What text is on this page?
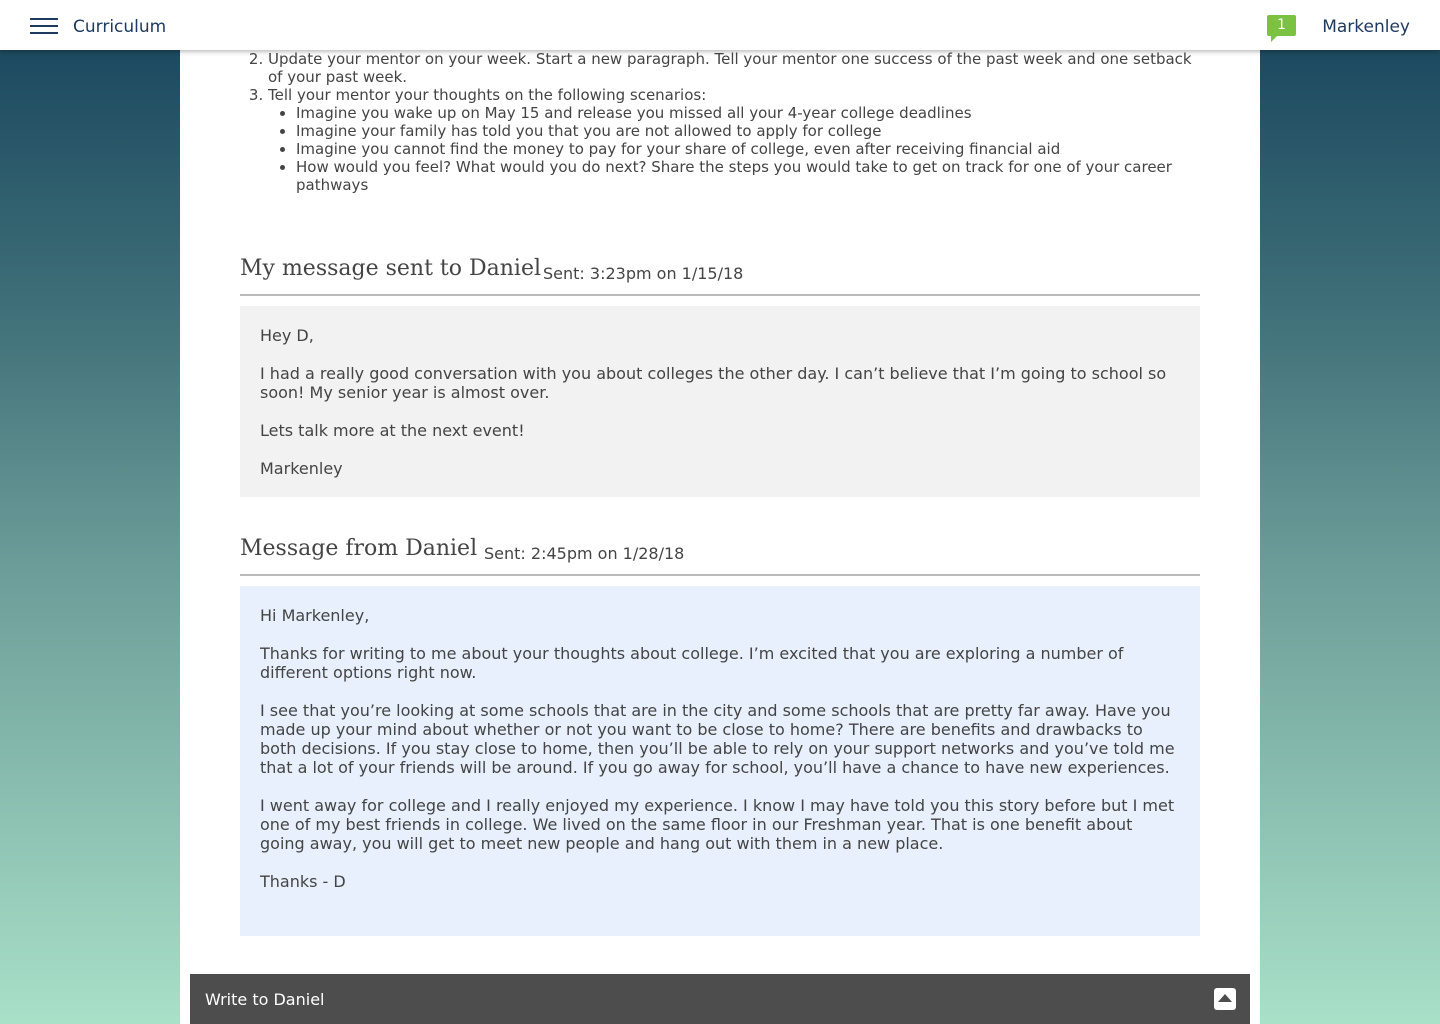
Curriculum	1	Markenley
1.
2. Update your mentor on your week. Start a new paragraph. Tell your mentor one success of the past week and one setback of your past week.
3. Tell your mentor your thoughts on the following scenarios:
• Imagine you wake up on May 15 and release you missed all your 4-year college deadlines
• Imagine your family has told you that you are not allowed to apply for college
• Imagine you cannot find the money to pay for your share of college, even after receiving financial aid
• How would you feel? What would you do next? Share the steps you would take to get on track for one of your career pathways
My message sent to Daniel Sent: 3:23pm on 1/15/18

Hey D,

I had a really good conversation with you about colleges the other day. I can’t believe that I’m going to school so soon! My senior year is almost over.

Lets talk more at the next event!

Markenley

Message from Daniel Sent: 2:45pm on 1/28/18

Hi Markenley,

Thanks for writing to me about your thoughts about college. I’m excited that you are exploring a number of different options right now.

I see that you’re looking at some schools that are in the city and some schools that are pretty far away. Have you made up your mind about whether or not you want to be close to home? There are benefits and drawbacks to both decisions. If you stay close to home, then you’ll be able to rely on your support networks and you’ve told me that a lot of your friends will be around. If you go away for school, you’ll have a chance to have new experiences.

I went away for college and I really enjoyed my experience. I know I may have told you this story before but I met one of my best friends in college. We lived on the same floor in our Freshman year. That is one benefit about going away, you will get to meet new people and hang out with them in a new place.

Thanks - D

Write to Daniel
